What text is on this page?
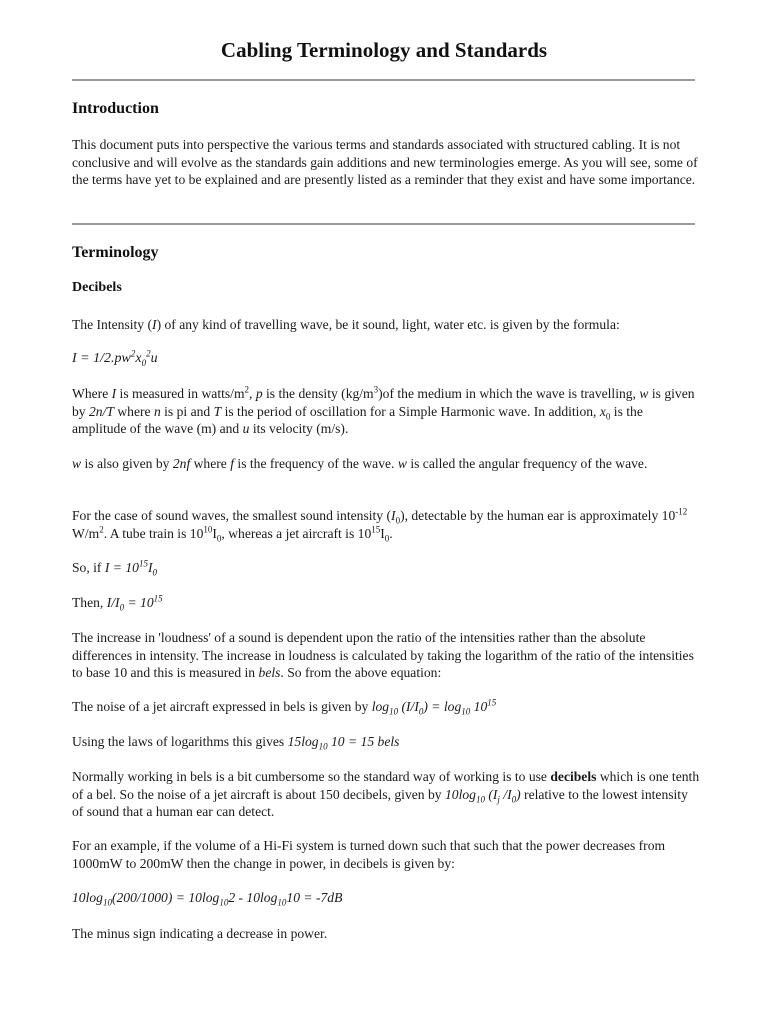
Cabling Terminology and Standards
Introduction
This document puts into perspective the various terms and standards associated with structured cabling. It is not conclusive and will evolve as the standards gain additions and new terminologies emerge. As you will see, some of the terms have yet to be explained and are presently listed as a reminder that they exist and have some importance.
Terminology
Decibels
The Intensity (I) of any kind of travelling wave, be it sound, light, water etc. is given by the formula:
$I = 1/2.pw^2x_0^2u$
Where I is measured in watts/$m^2$, p is the density $(kg/m^3)of$ the medium in which the wave is travelling, w is given by 2n/T where n is pi and T is the period of oscillation for a Simple Harmonic wave. In addition, $x_0$ is the amplitude of the wave (m) and u its velocity (m/s).
w is also given by 2nf where f is the frequency of the wave. w is called the angular frequency of the wave.
For the case of sound waves, the smallest sound intensity $(I_0)$, detectable by the human ear is approximately $10^{-12}$ $W/m^2$. A tube train is $10^{10}I_0$, whereas a jet aircraft is $10^{15}I_0$.
So, if $I = 10^{15}I_0$
Then, $I/I_0 = 10^{15}$
The increase in 'loudness' of a sound is dependent upon the ratio of the intensities rather than the absolute differences in intensity. The increase in loudness is calculated by taking the logarithm of the ratio of the intensities to base 10 and this is measured in bels. So from the above equation:
The noise of a jet aircraft expressed in bels is given by $\log_{10} (I/I_0) = \log_{10} 10^{15}$
Using the laws of logarithms this gives $15\log_{10}$ 10 = 15 bels
Normally working in bels is a bit cumbersome so the standard way of working is to use decibels which is one tenth of a bel. So the noise of a jet aircraft is about 150 decibels, given by $10\log_{10}$ ($I_j$ $/I_0$) relative to the lowest intensity of sound that a human ear can detect.
For an example, if the volume of a Hi-Fi system is turned down such that such that the power decreases from 1000mW to 200mW then the change in power, in decibels is given by:
$10\log_{10}(200/1000) = 10\log_{10}2 - 10\log_{10}10 = -7dB$
The minus sign indicating a decrease in power.
